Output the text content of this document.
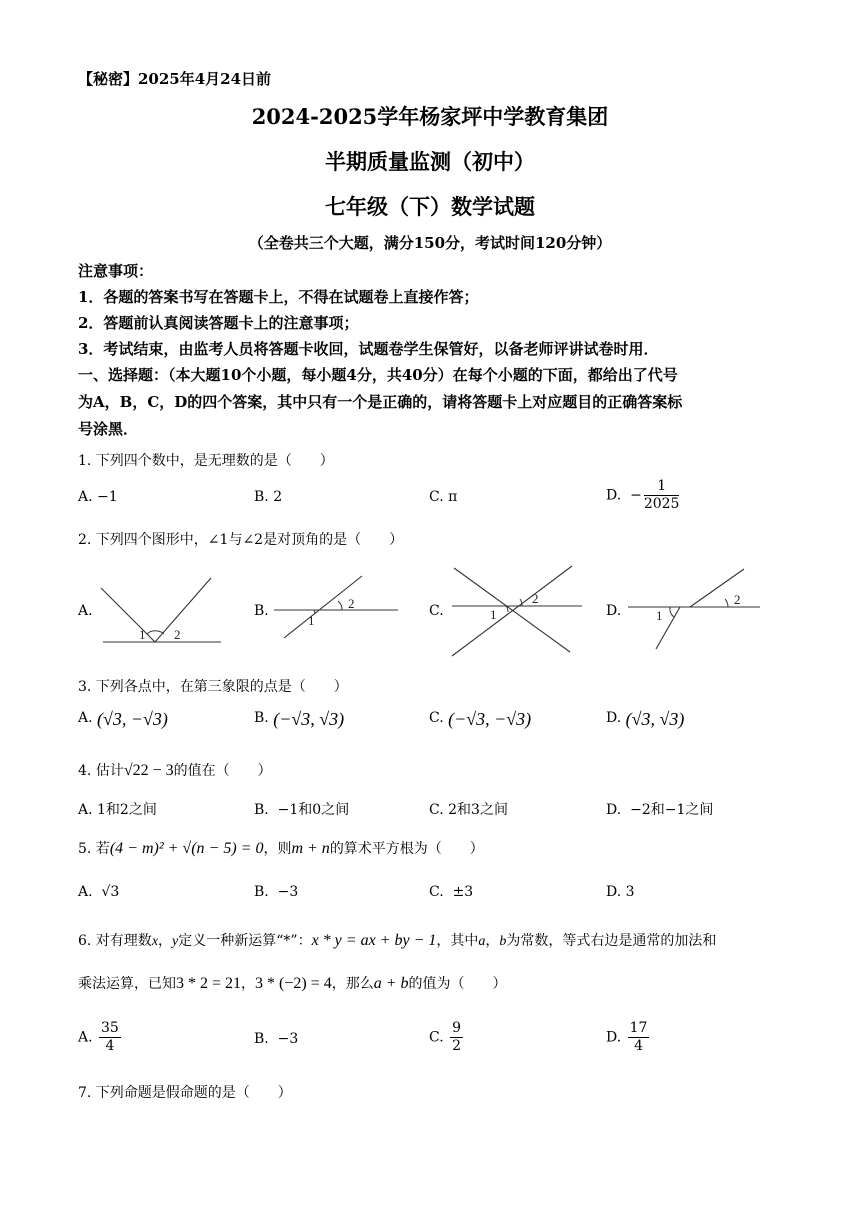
【秘密】2025年4月24日前
2024-2025学年杨家坪中学教育集团
半期质量监测（初中）
七年级（下）数学试题
（全卷共三个大题，满分150分，考试时间120分钟）
注意事项：
1．各题的答案书写在答题卡上，不得在试题卷上直接作答；
2．答题前认真阅读答题卡上的注意事项；
3．考试结束，由监考人员将答题卡收回，试题卷学生保管好，以备老师评讲试卷时用．
一、选择题：（本大题10个小题，每小题4分，共40分）在每个小题的下面，都给出了代号
为A，B，C，D的四个答案，其中只有一个是正确的，请将答题卡上对应题目的正确答案标
号涂黑．
1. 下列四个数中，是无理数的是（　　）
A. −1	B. 2	C. π	D.  − $\frac{1}{2025}$
2. 下列四个图形中，∠1与∠2是对顶角的是（　　）
A.	B.	C.	D.
1 2
2
1
2
1
2
1
3. 下列各点中，在第三象限的点是（　　）
A. (√3, −√3)	B. (−√3, √3)	C. (−√3, −√3)	D. (√3, √3)
4. 估计√22 − 3的值在（　　）
A. 1和2之间	B. −1和0之间	C. 2和3之间	D. −2和−1之间
5. 若(4 − m)² + √(n − 5) = 0，则m + n的算术平方根为（　　）
A. √3	B. −3	C. ±3	D. 3
6. 对有理数x，y定义一种新运算“*”：x * y = ax + by − 1，其中a，b为常数，等式右边是通常的加法和
乘法运算，已知3 * 2 = 21，3 * (−2) = 4，那么a + b的值为（　　）
A. $\frac{35}{4}$	B. −3	C. $\frac{9}{2}$	D. $\frac{17}{4}$
7. 下列命题是假命题的是（　　）
